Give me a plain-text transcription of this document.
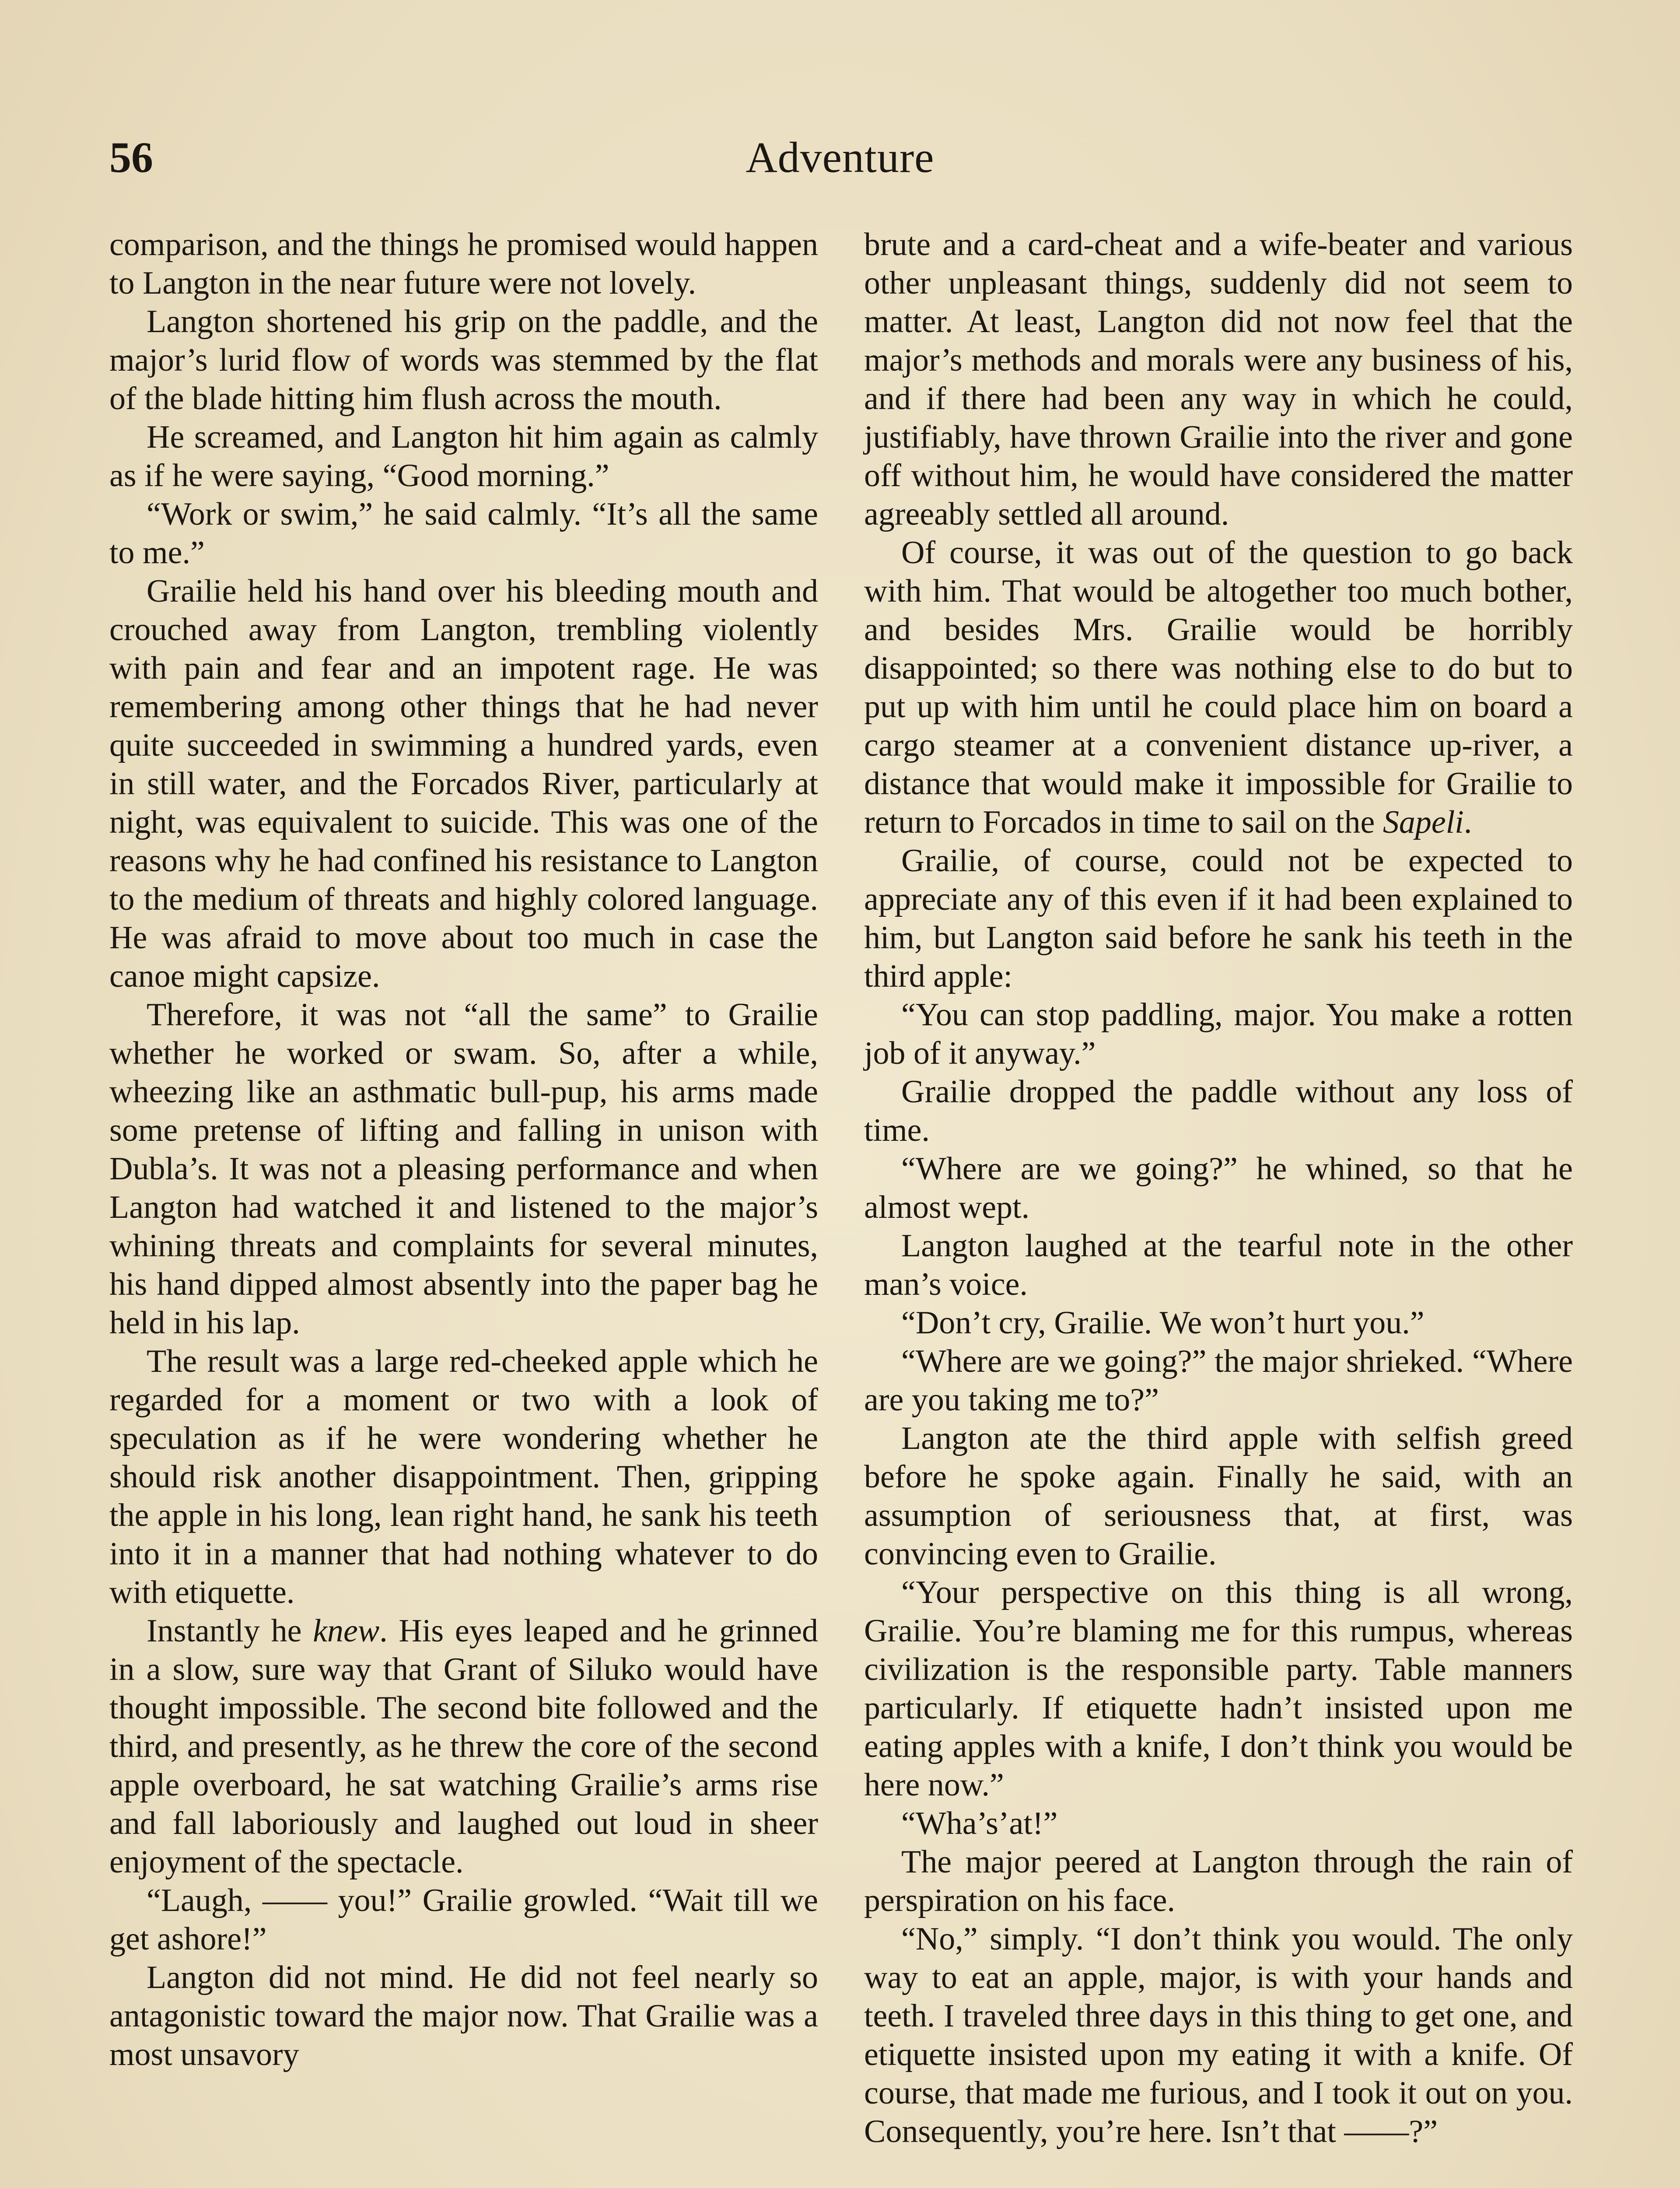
56	Adventure

comparison, and the things he promised would happen to Langton in the near future were not lovely.

Langton shortened his grip on the paddle, and the major’s lurid flow of words was stemmed by the flat of the blade hitting him flush across the mouth.

He screamed, and Langton hit him again as calmly as if he were saying, “Good morning.”

“Work or swim,” he said calmly. “It’s all the same to me.”

Grailie held his hand over his bleeding mouth and crouched away from Langton, trembling violently with pain and fear and an impotent rage. He was remembering among other things that he had never quite succeeded in swimming a hundred yards, even in still water, and the Forcados River, particularly at night, was equivalent to suicide. This was one of the reasons why he had confined his resistance to Langton to the medium of threats and highly colored language. He was afraid to move about too much in case the canoe might capsize.

Therefore, it was not “all the same” to Grailie whether he worked or swam. So, after a while, wheezing like an asthmatic bull-pup, his arms made some pretense of lifting and falling in unison with Dubla’s. It was not a pleasing performance and when Langton had watched it and listened to the major’s whining threats and complaints for several minutes, his hand dipped almost absently into the paper bag he held in his lap.

The result was a large red-cheeked apple which he regarded for a moment or two with a look of speculation as if he were wondering whether he should risk another disappointment. Then, gripping the apple in his long, lean right hand, he sank his teeth into it in a manner that had nothing whatever to do with etiquette.

Instantly he knew. His eyes leaped and he grinned in a slow, sure way that Grant of Siluko would have thought impossible. The second bite followed and the third, and presently, as he threw the core of the second apple overboard, he sat watching Grailie’s arms rise and fall laboriously and laughed out loud in sheer enjoyment of the spectacle.

“Laugh, —— you!” Grailie growled. “Wait till we get ashore!”

Langton did not mind. He did not feel nearly so antagonistic toward the major now. That Grailie was a most unsavory

brute and a card-cheat and a wife-beater and various other unpleasant things, suddenly did not seem to matter. At least, Langton did not now feel that the major’s methods and morals were any business of his, and if there had been any way in which he could, justifiably, have thrown Grailie into the river and gone off without him, he would have considered the matter agreeably settled all around.

Of course, it was out of the question to go back with him. That would be altogether too much bother, and besides Mrs. Grailie would be horribly disappointed; so there was nothing else to do but to put up with him until he could place him on board a cargo steamer at a convenient distance up-river, a distance that would make it impossible for Grailie to return to Forcados in time to sail on the Sapeli.

Grailie, of course, could not be expected to appreciate any of this even if it had been explained to him, but Langton said before he sank his teeth in the third apple:

“You can stop paddling, major. You make a rotten job of it anyway.”

Grailie dropped the paddle without any loss of time.

“Where are we going?” he whined, so that he almost wept.

Langton laughed at the tearful note in the other man’s voice.

“Don’t cry, Grailie. We won’t hurt you.”

“Where are we going?” the major shrieked. “Where are you taking me to?”

Langton ate the third apple with selfish greed before he spoke again. Finally he said, with an assumption of seriousness that, at first, was convincing even to Grailie.

“Your perspective on this thing is all wrong, Grailie. You’re blaming me for this rumpus, whereas civilization is the responsible party. Table manners particularly. If etiquette hadn’t insisted upon me eating apples with a knife, I don’t think you would be here now.”

“Wha’s’at!”

The major peered at Langton through the rain of perspiration on his face.

“No,” simply. “I don’t think you would. The only way to eat an apple, major, is with your hands and teeth. I traveled three days in this thing to get one, and etiquette insisted upon my eating it with a knife. Of course, that made me furious, and I took it out on you. Consequently, you’re here. Isn’t that ——?”
